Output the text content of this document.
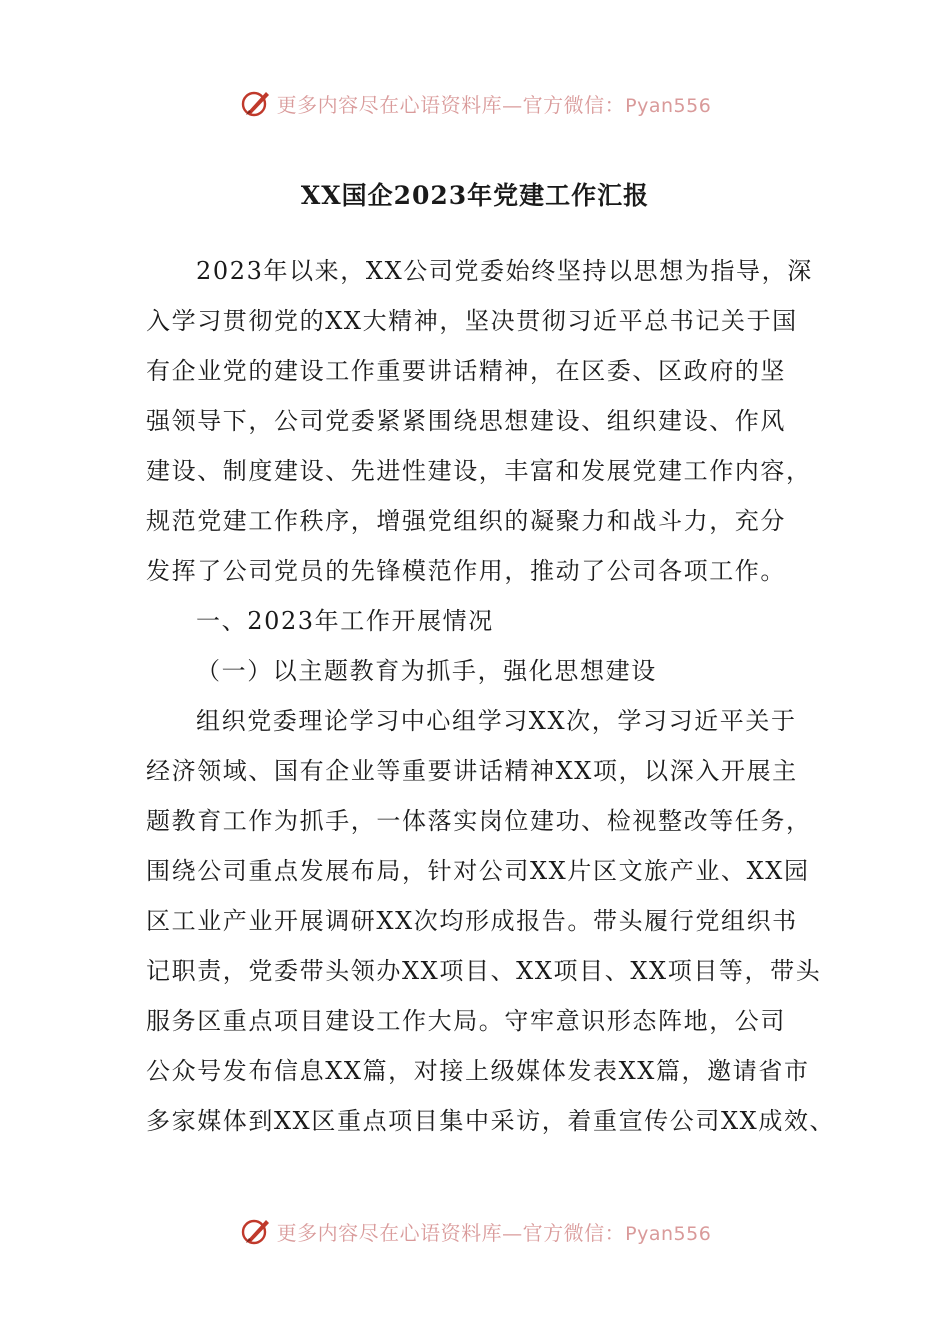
更多内容尽在心语资料库—官方微信：Pyan556
XX国企2023年党建工作汇报
2023年以来，XX公司党委始终坚持以思想为指导，深
入学习贯彻党的XX大精神，坚决贯彻习近平总书记关于国
有企业党的建设工作重要讲话精神，在区委、区政府的坚
强领导下，公司党委紧紧围绕思想建设、组织建设、作风
建设、制度建设、先进性建设，丰富和发展党建工作内容，
规范党建工作秩序，增强党组织的凝聚力和战斗力，充分
发挥了公司党员的先锋模范作用，推动了公司各项工作。
一、2023年工作开展情况
（一）以主题教育为抓手，强化思想建设
组织党委理论学习中心组学习XX次，学习习近平关于
经济领域、国有企业等重要讲话精神XX项，以深入开展主
题教育工作为抓手，一体落实岗位建功、检视整改等任务，
围绕公司重点发展布局，针对公司XX片区文旅产业、XX园
区工业产业开展调研XX次均形成报告。带头履行党组织书
记职责，党委带头领办XX项目、XX项目、XX项目等，带头
服务区重点项目建设工作大局。守牢意识形态阵地，公司
公众号发布信息XX篇，对接上级媒体发表XX篇，邀请省市
多家媒体到XX区重点项目集中采访，着重宣传公司XX成效、
更多内容尽在心语资料库—官方微信：Pyan556
